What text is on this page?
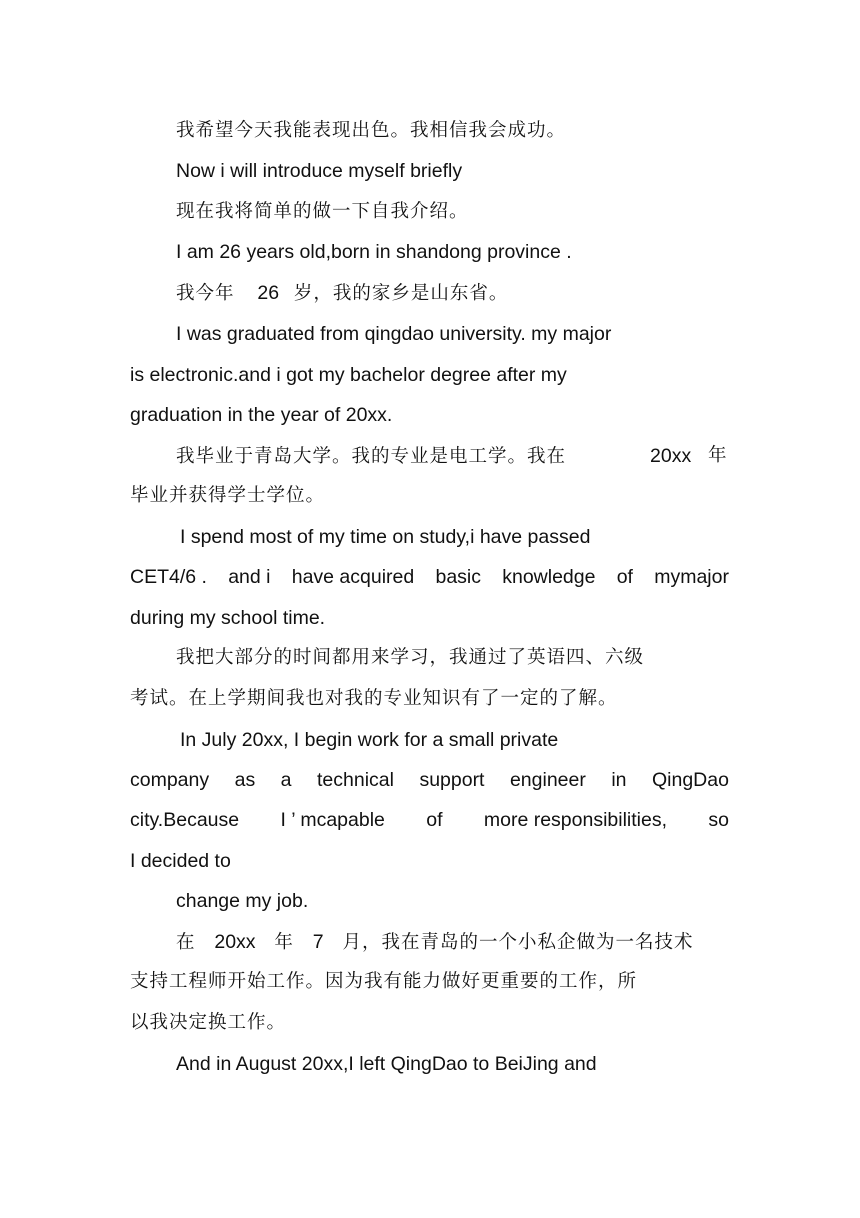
我希望今天我能表现出色。我相信我会成功。
Now i will introduce myself briefly
现在我将简单的做一下自我介绍。
I am 26 years old,born in shandong province .
我今年 26 岁，我的家乡是山东省。
I was graduated from qingdao university. my major
is electronic.and i got my bachelor degree after my
graduation in the year of 20xx.
我毕业于青岛大学。我的专业是电工学。我在	20xx 年
毕业并获得学士学位。
I spend most of my time on study,i have passed
CET4/6 . and i have acquired basic knowledge of mymajor
during my school time.
我把大部分的时间都用来学习，我通过了英语四、六级
考试。在上学期间我也对我的专业知识有了一定的了解。
In July 20xx, I begin work for a small private
company as a technical support engineer in QingDao
city.Because I ’ mcapable of more responsibilities, so
I decided to
change my job.
在 20xx 年 7 月，我在青岛的一个小私企做为一名技术
支持工程师开始工作。因为我有能力做好更重要的工作，所
以我决定换工作。
And in August 20xx,I left QingDao to BeiJing and
